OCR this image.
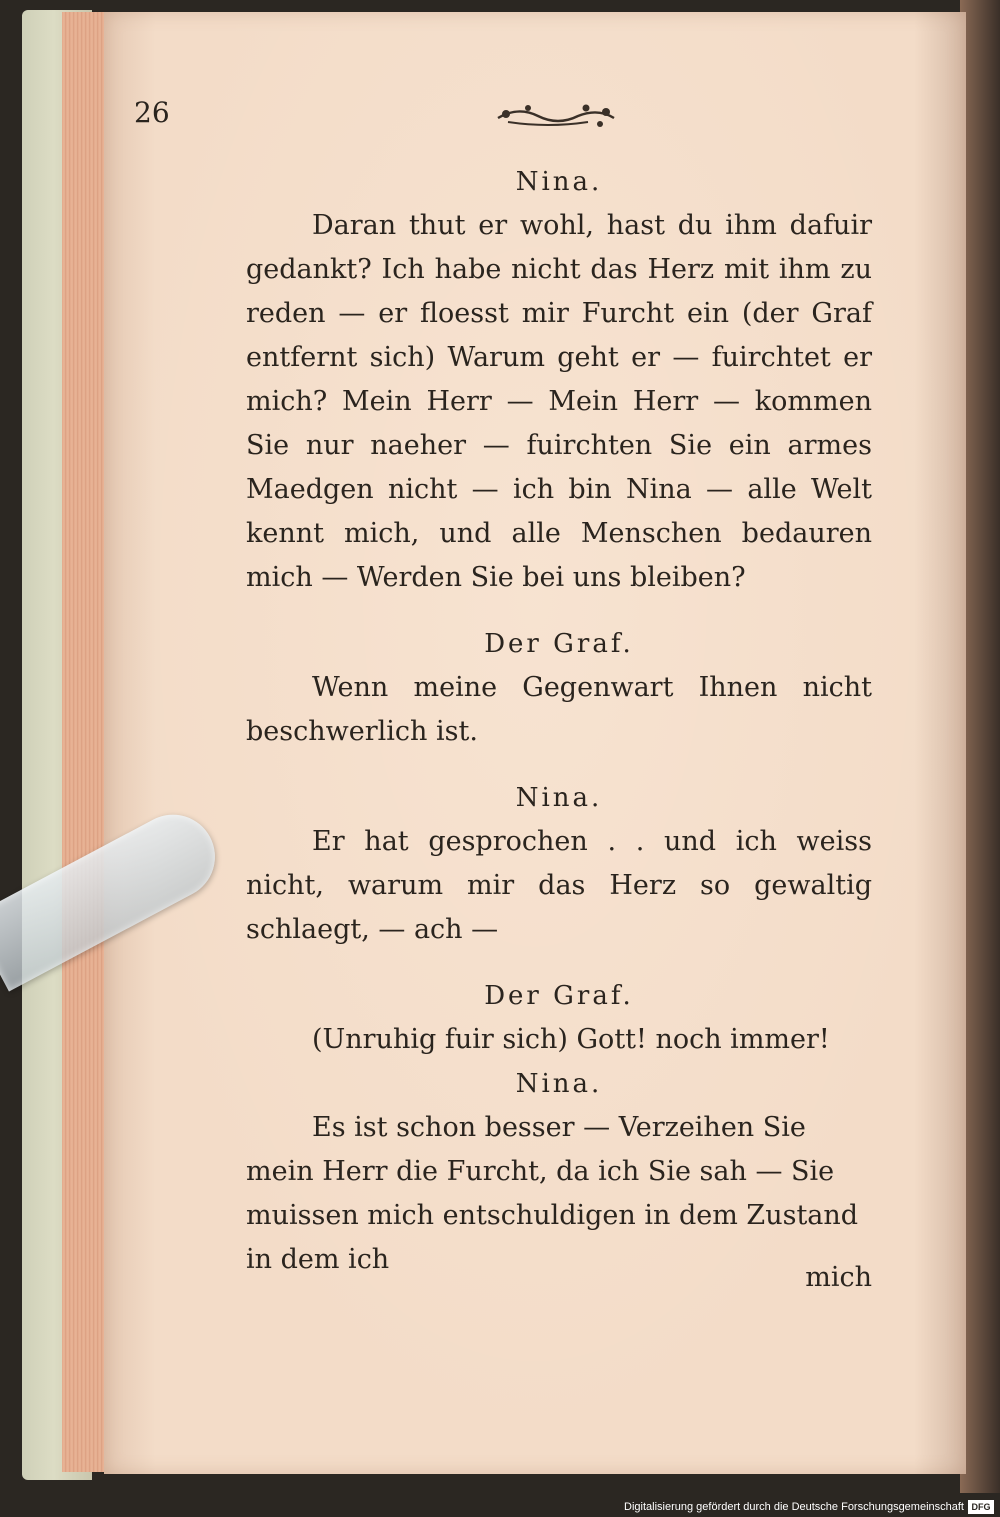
26

Nina.

Daran thut er wohl, hast du ihm dafuir gedankt? Ich habe nicht das Herz mit ihm zu reden — er floesst mir Furcht ein (der Graf entfernt sich) Warum geht er — fuirchtet er mich? Mein Herr — Mein Herr — kommen Sie nur naeher — fuirchten Sie ein armes Maedgen nicht — ich bin Nina — alle Welt kennt mich, und alle Menschen bedauren mich — Werden Sie bei uns bleiben?

Der Graf.

Wenn meine Gegenwart Ihnen nicht beschwerlich ist.

Nina.

Er hat gesprochen . . und ich weiss nicht, warum mir das Herz so gewaltig schlaegt, — ach —

Der Graf.

(Unruhig fuir sich) Gott! noch immer!

Nina.

Es ist schon besser — Verzeihen Sie mein Herr die Furcht, da ich Sie sah — Sie muissen mich entschuldigen in dem Zustand in dem ich

mich
Digitalisierung gefördert durch die Deutsche Forschungsgemeinschaft DFG
